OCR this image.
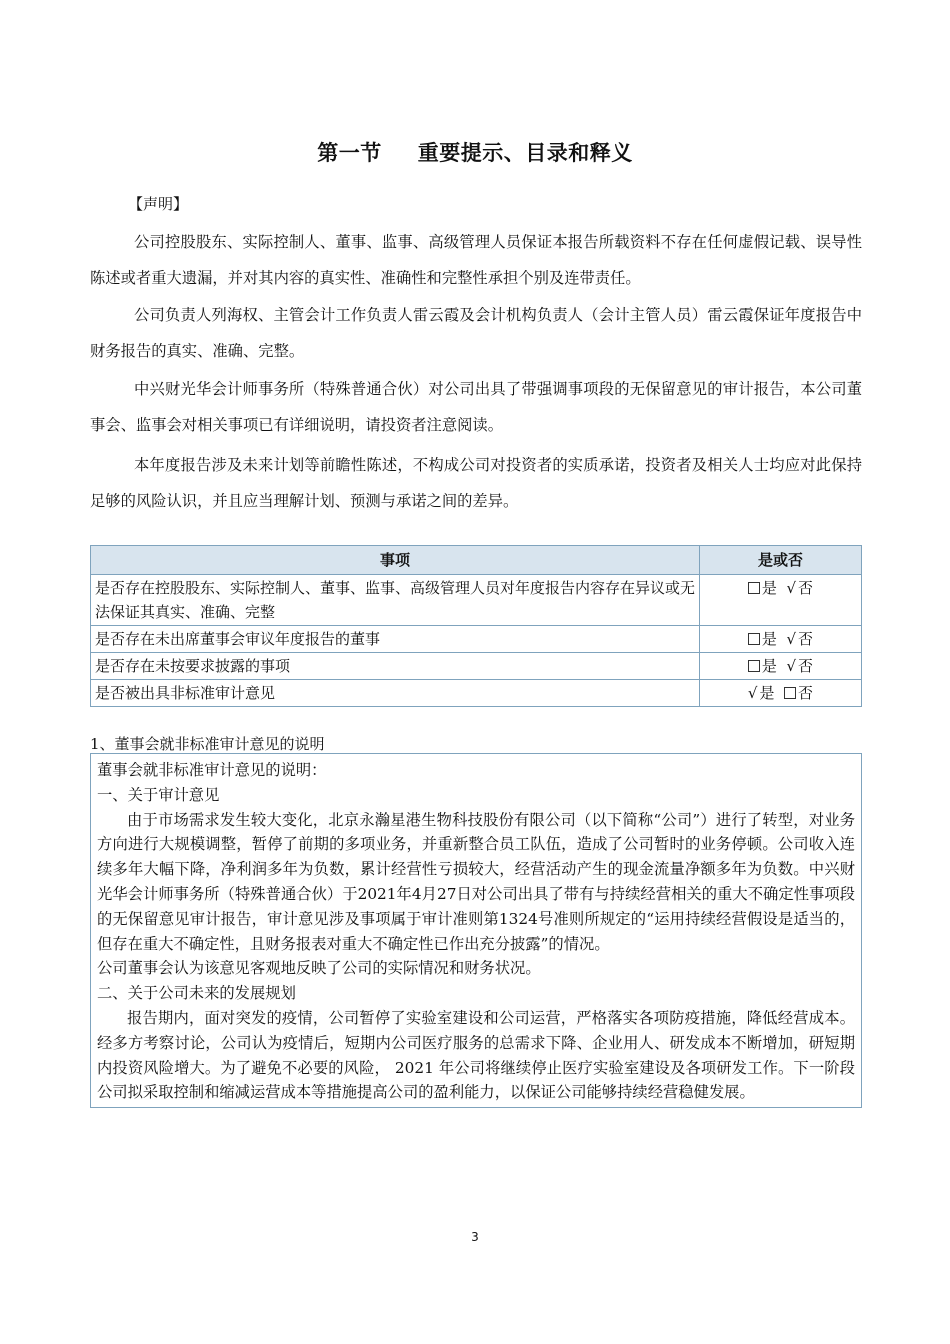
第一节 重要提示、目录和释义
【声明】
公司控股股东、实际控制人、董事、监事、高级管理人员保证本报告所载资料不存在任何虚假记载、误导性陈述或者重大遗漏，并对其内容的真实性、准确性和完整性承担个别及连带责任。
公司负责人列海权、主管会计工作负责人雷云霞及会计机构负责人（会计主管人员）雷云霞保证年度报告中财务报告的真实、准确、完整。
中兴财光华会计师事务所（特殊普通合伙）对公司出具了带强调事项段的无保留意见的审计报告，本公司董事会、监事会对相关事项已有详细说明，请投资者注意阅读。
本年度报告涉及未来计划等前瞻性陈述，不构成公司对投资者的实质承诺，投资者及相关人士均应对此保持足够的风险认识，并且应当理解计划、预测与承诺之间的差异。
事项	是或否
是否存在控股股东、实际控制人、董事、监事、高级管理人员对年度报告内容存在异议或无法保证其真实、准确、完整	是 √ 否
是否存在未出席董事会审议年度报告的董事	是 √ 否
是否存在未按要求披露的事项	是 √ 否
是否被出具非标准审计意见	√ 是 否
1、董事会就非标准审计意见的说明
董事会就非标准审计意见的说明：
一、关于审计意见
由于市场需求发生较大变化，北京永瀚星港生物科技股份有限公司（以下简称“公司”）进行了转型，对业务方向进行大规模调整，暂停了前期的多项业务，并重新整合员工队伍，造成了公司暂时的业务停顿。公司收入连续多年大幅下降，净利润多年为负数，累计经营性亏损较大，经营活动产生的现金流量净额多年为负数。中兴财光华会计师事务所（特殊普通合伙）于2021年4月27日对公司出具了带有与持续经营相关的重大不确定性事项段的无保留意见审计报告，审计意见涉及事项属于审计准则第1324号准则所规定的“运用持续经营假设是适当的，但存在重大不确定性，且财务报表对重大不确定性已作出充分披露”的情况。
公司董事会认为该意见客观地反映了公司的实际情况和财务状况。
二、关于公司未来的发展规划
报告期内，面对突发的疫情，公司暂停了实验室建设和公司运营，严格落实各项防疫措施，降低经营成本。经多方考察讨论，公司认为疫情后，短期内公司医疗服务的总需求下降、企业用人、研发成本不断增加，研短期内投资风险增大。为了避免不必要的风险， 2021 年公司将继续停止医疗实验室建设及各项研发工作。下一阶段公司拟采取控制和缩减运营成本等措施提高公司的盈利能力，以保证公司能够持续经营稳健发展。
3
